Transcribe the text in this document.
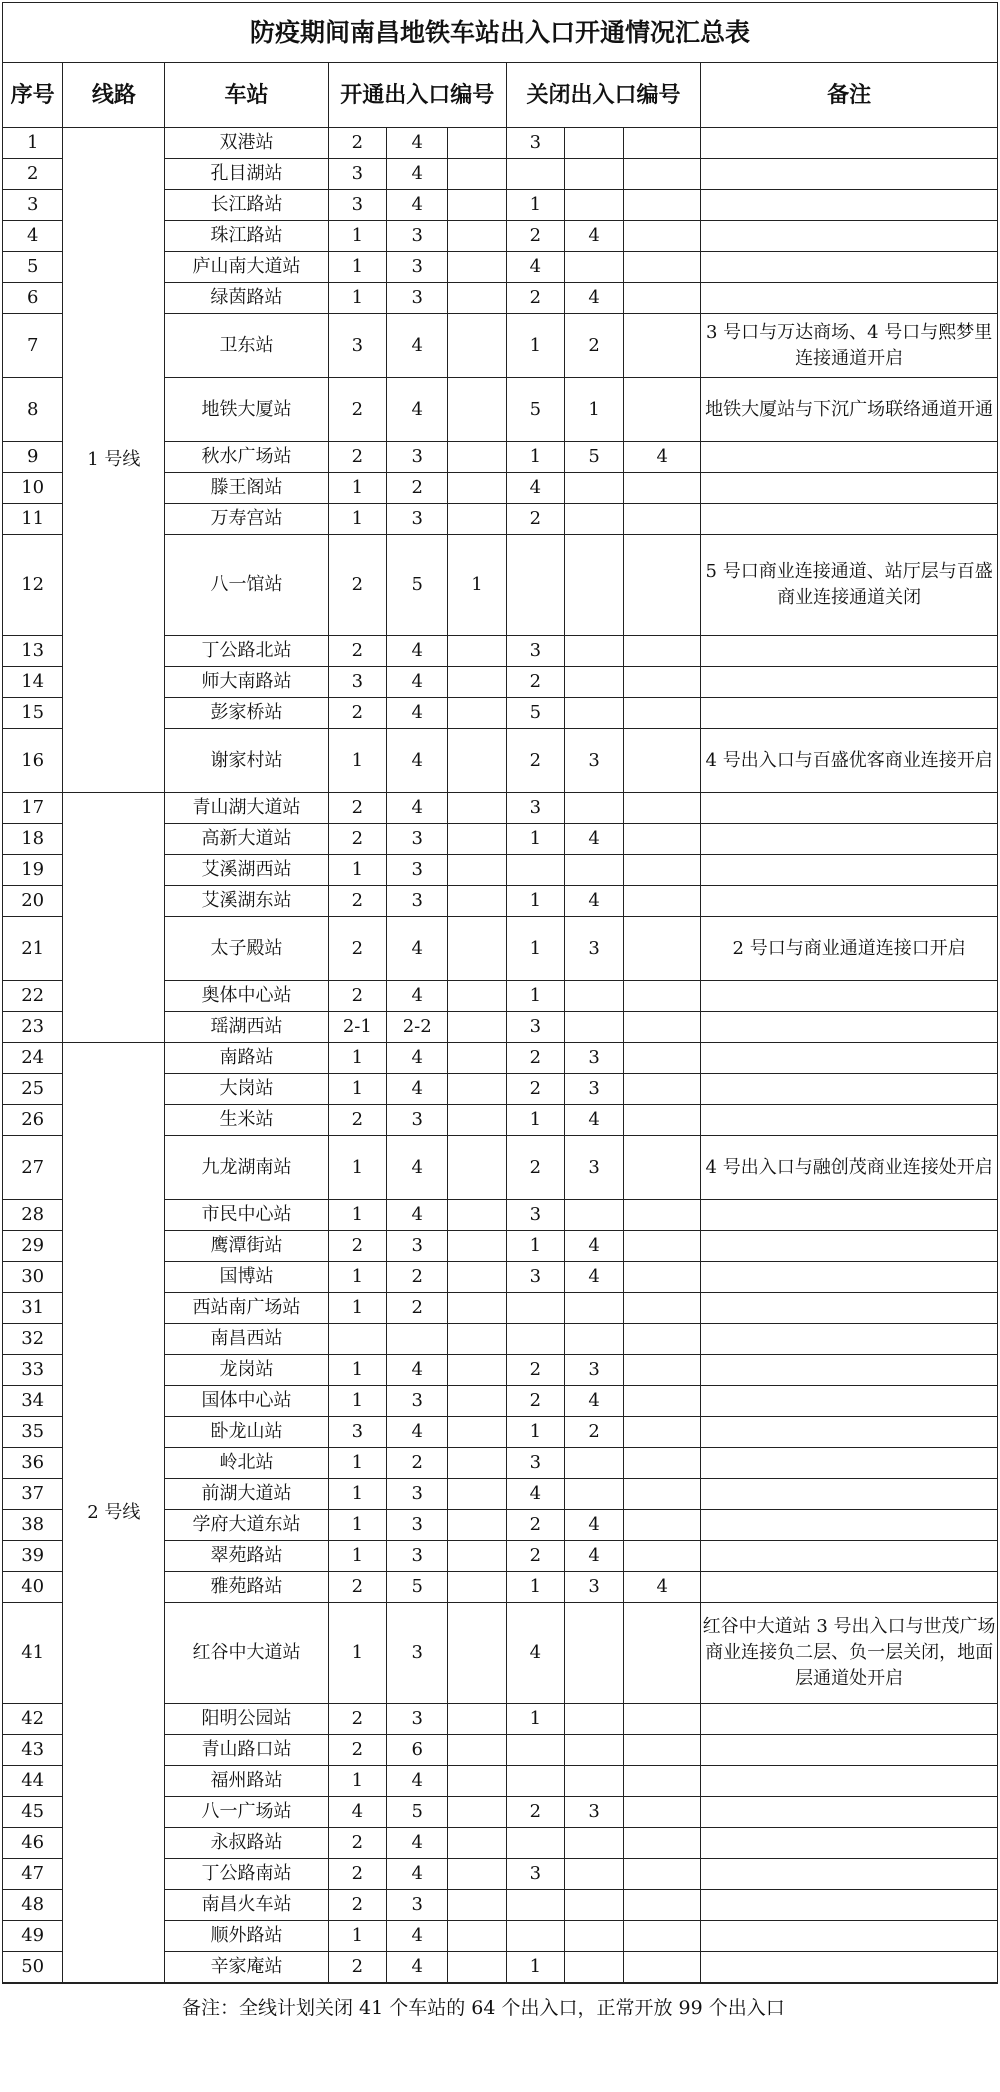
防疫期间南昌地铁车站出入口开通情况汇总表									
序号	线路	车站	开通出入口编号			关闭出入口编号			备注
1	1 号线	双港站	2	4		3			
2		孔目湖站	3	4					
3		长江路站	3	4		1			
4		珠江路站	1	3		2	4		
5		庐山南大道站	1	3		4			
6		绿茵路站	1	3		2	4		
7		卫东站	3	4		1	2		3 号口与万达商场、4 号口与熙梦里连接通道开启
8		地铁大厦站	2	4		5	1		地铁大厦站与下沉广场联络通道开通
9		秋水广场站	2	3		1	5	4	
10		滕王阁站	1	2		4			
11		万寿宫站	1	3		2			
12		八一馆站	2	5	1				5 号口商业连接通道、站厅层与百盛商业连接通道关闭
13		丁公路北站	2	4		3			
14		师大南路站	3	4		2			
15		彭家桥站	2	4		5			
16		谢家村站	1	4		2	3		4 号出入口与百盛优客商业连接开启
17		青山湖大道站	2	4		3			
18		高新大道站	2	3		1	4		
19		艾溪湖西站	1	3					
20		艾溪湖东站	2	3		1	4		
21		太子殿站	2	4		1	3		2 号口与商业通道连接口开启
22		奥体中心站	2	4		1			
23		瑶湖西站	2-1	2-2		3			
24	2 号线	南路站	1	4		2	3		
25		大岗站	1	4		2	3		
26		生米站	2	3		1	4		
27		九龙湖南站	1	4		2	3		4 号出入口与融创茂商业连接处开启
28		市民中心站	1	4		3			
29		鹰潭街站	2	3		1	4		
30		国博站	1	2		3	4		
31		西站南广场站	1	2					
32		南昌西站							
33		龙岗站	1	4		2	3		
34		国体中心站	1	3		2	4		
35		卧龙山站	3	4		1	2		
36		岭北站	1	2		3			
37		前湖大道站	1	3		4			
38		学府大道东站	1	3		2	4		
39		翠苑路站	1	3		2	4		
40		雅苑路站	2	5		1	3	4	
41		红谷中大道站	1	3		4			红谷中大道站 3 号出入口与世茂广场商业连接负二层、负一层关闭，地面层通道处开启
42		阳明公园站	2	3		1			
43		青山路口站	2	6					
44		福州路站	1	4					
45		八一广场站	4	5		2	3		
46		永叔路站	2	4					
47		丁公路南站	2	4		3			
48		南昌火车站	2	3					
49		顺外路站	1	4					
50		辛家庵站	2	4		1			
备注：全线计划关闭 41 个车站的 64 个出入口，正常开放 99 个出入口
